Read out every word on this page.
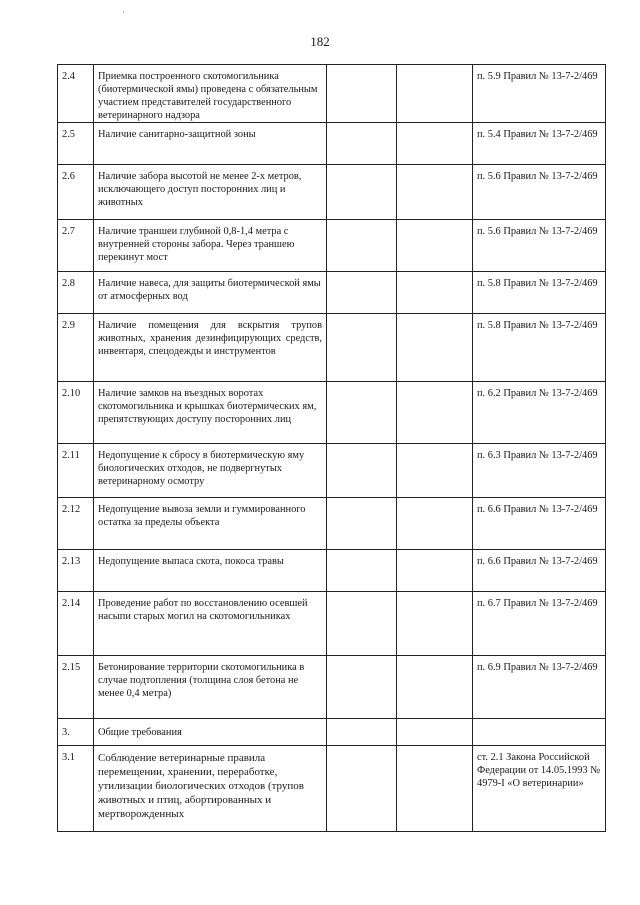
182
ˈ
2.4	Приемка построенного скотомогильника (биотермической ямы) проведена с обязательным участием представителей государственного ветеринарного надзора			п. 5.9 Правил № 13-7-2/469
2.5	Наличие санитарно-защитной зоны			п. 5.4 Правил № 13-7-2/469
2.6	Наличие забора высотой не менее 2-х метров, исключающего доступ посторонних лиц и животных			п. 5.6 Правил № 13-7-2/469
2.7	Наличие траншеи глубиной 0,8-1,4 метра с внутренней стороны забора. Через траншею перекинут мост			п. 5.6 Правил № 13-7-2/469
2.8	Наличие навеса, для защиты биотермической ямы от атмосферных вод			п. 5.8 Правил № 13-7-2/469
2.9	Наличие помещения для вскрытия трупов животных, хранения дезинфицирующих средств, инвентаря, спецодежды и инструментов			п. 5.8 Правил № 13-7-2/469
2.10	Наличие замков на въездных воротах скотомогильника и крышках биотермических ям, препятствующих доступу посторонних лиц			п. 6.2 Правил № 13-7-2/469
2.11	Недопущение к сбросу в биотермическую яму биологических отходов, не подвергнутых ветеринарному осмотру			п. 6.3 Правил № 13-7-2/469
2.12	Недопущение вывоза земли и гуммированного остатка за пределы объекта			п. 6.6 Правил № 13-7-2/469
2.13	Недопущение выпаса скота, покоса травы			п. 6.6 Правил № 13-7-2/469
2.14	Проведение работ по восстановлению осевшей насыпи старых могил на скотомогильниках			п. 6.7 Правил № 13-7-2/469
2.15	Бетонирование территории скотомогильника в случае подтопления (толщина слоя бетона не менее 0,4 метра)			п. 6.9 Правил № 13-7-2/469
3.	Общие требования			
3.1	Соблюдение ветеринарные правила перемещении, хранении, переработке, утилизации биологических отходов (трупов животных и птиц, абортированных и мертворожденных			ст. 2.1 Закона Российской Федерации от 14.05.1993 № 4979-I «О ветеринарии»
